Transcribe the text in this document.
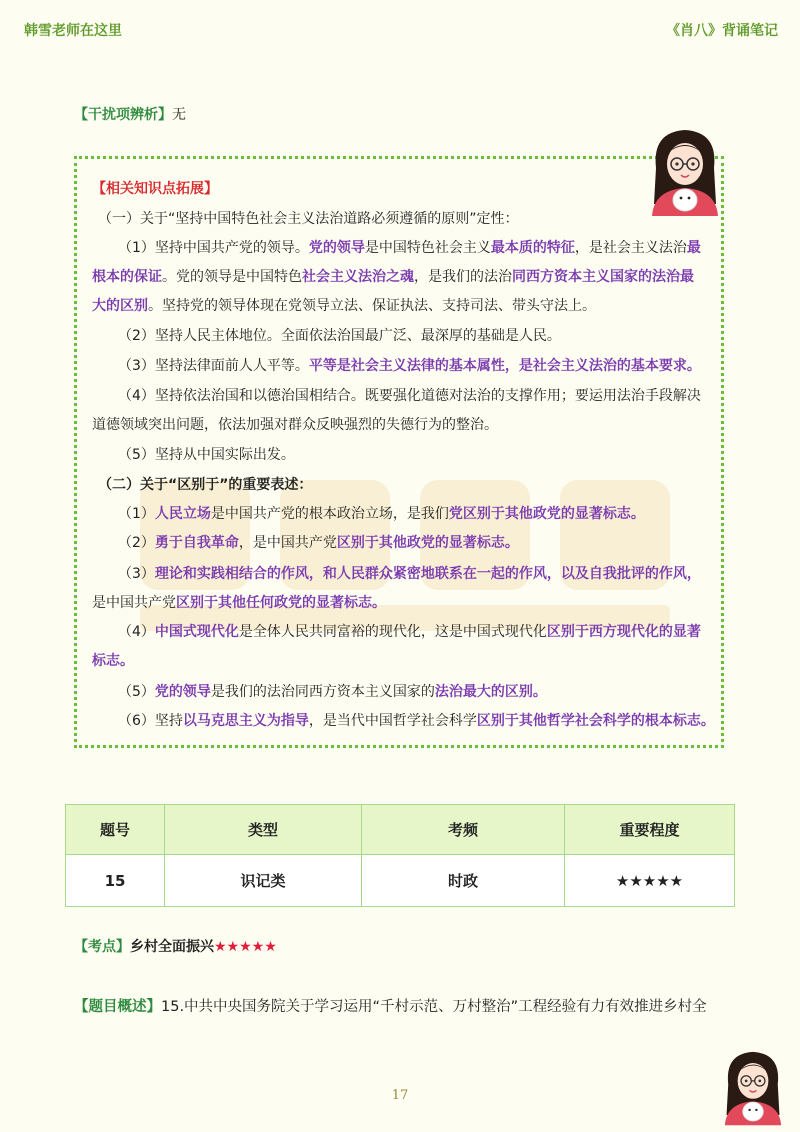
韩雪老师在这里	《肖八》背诵笔记
【干扰项辨析】无
【相关知识点拓展】
（一）关于“坚持中国特色社会主义法治道路必须遵循的原则”定性：
（1）坚持中国共产党的领导。党的领导是中国特色社会主义最本质的特征，是社会主义法治最
根本的保证。党的领导是中国特色社会主义法治之魂，是我们的法治同西方资本主义国家的法治最
大的区别。坚持党的领导体现在党领导立法、保证执法、支持司法、带头守法上。
（2）坚持人民主体地位。全面依法治国最广泛、最深厚的基础是人民。
（3）坚持法律面前人人平等。平等是社会主义法律的基本属性，是社会主义法治的基本要求。
（4）坚持依法治国和以德治国相结合。既要强化道德对法治的支撑作用；要运用法治手段解决
道德领域突出问题，依法加强对群众反映强烈的失德行为的整治。
（5）坚持从中国实际出发。
（二）关于“区别于”的重要表述：
（1）人民立场是中国共产党的根本政治立场，是我们党区别于其他政党的显著标志。
（2）勇于自我革命，是中国共产党区别于其他政党的显著标志。
（3）理论和实践相结合的作风，和人民群众紧密地联系在一起的作风，以及自我批评的作风，
是中国共产党区别于其他任何政党的显著标志。
（4）中国式现代化是全体人民共同富裕的现代化，这是中国式现代化区别于西方现代化的显著
标志。
（5）党的领导是我们的法治同西方资本主义国家的法治最大的区别。
（6）坚持以马克思主义为指导，是当代中国哲学社会科学区别于其他哲学社会科学的根本标志。
题号	类型	考频	重要程度
15	识记类	时政	★★★★★
【考点】乡村全面振兴★★★★★
【题目概述】15.中共中央国务院关于学习运用“千村示范、万村整治”工程经验有力有效推进乡村全
17
